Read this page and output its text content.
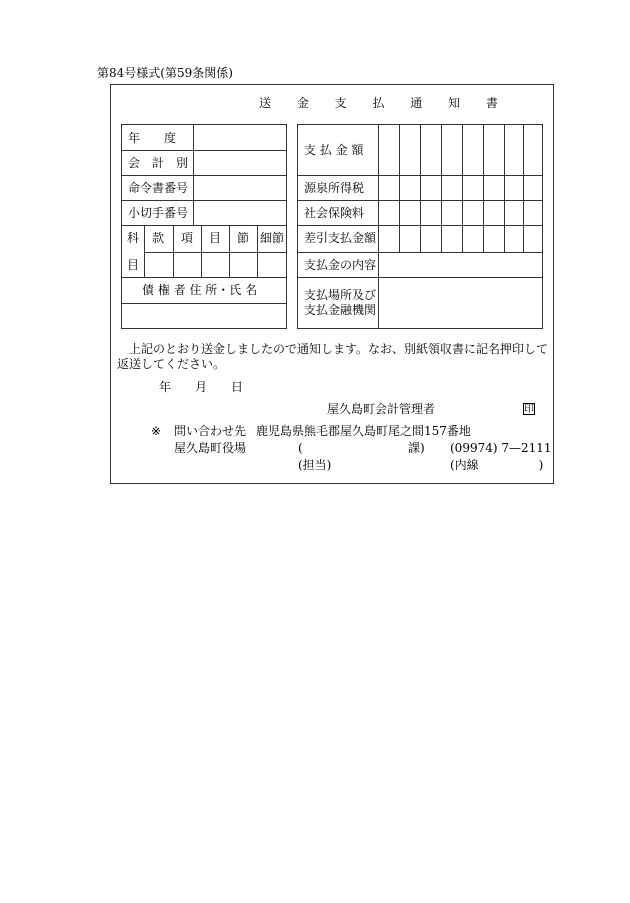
第84号様式(第59条関係)
送 金 支 払 通 知 書
年　　度
会　計　別
命令書番号
小切手番号
科 款 項 目 節 細節
目
債 権 者 住 所・氏 名
支 払 金 額
源泉所得税
社会保険料
差引支払金額
支払金の内容
支払場所及び
支払金融機関
上記のとおり送金しましたので通知します。なお、別紙領収書に記名押印して
返送してください。
年　　月　　日
屋久島町会計管理者	印
※ 問い合わせ先 鹿児島県熊毛郡屋久島町尾之間157番地
屋久島町役場	(	課) (09974) 7—2111
(担当)	(内線　　　　　)
